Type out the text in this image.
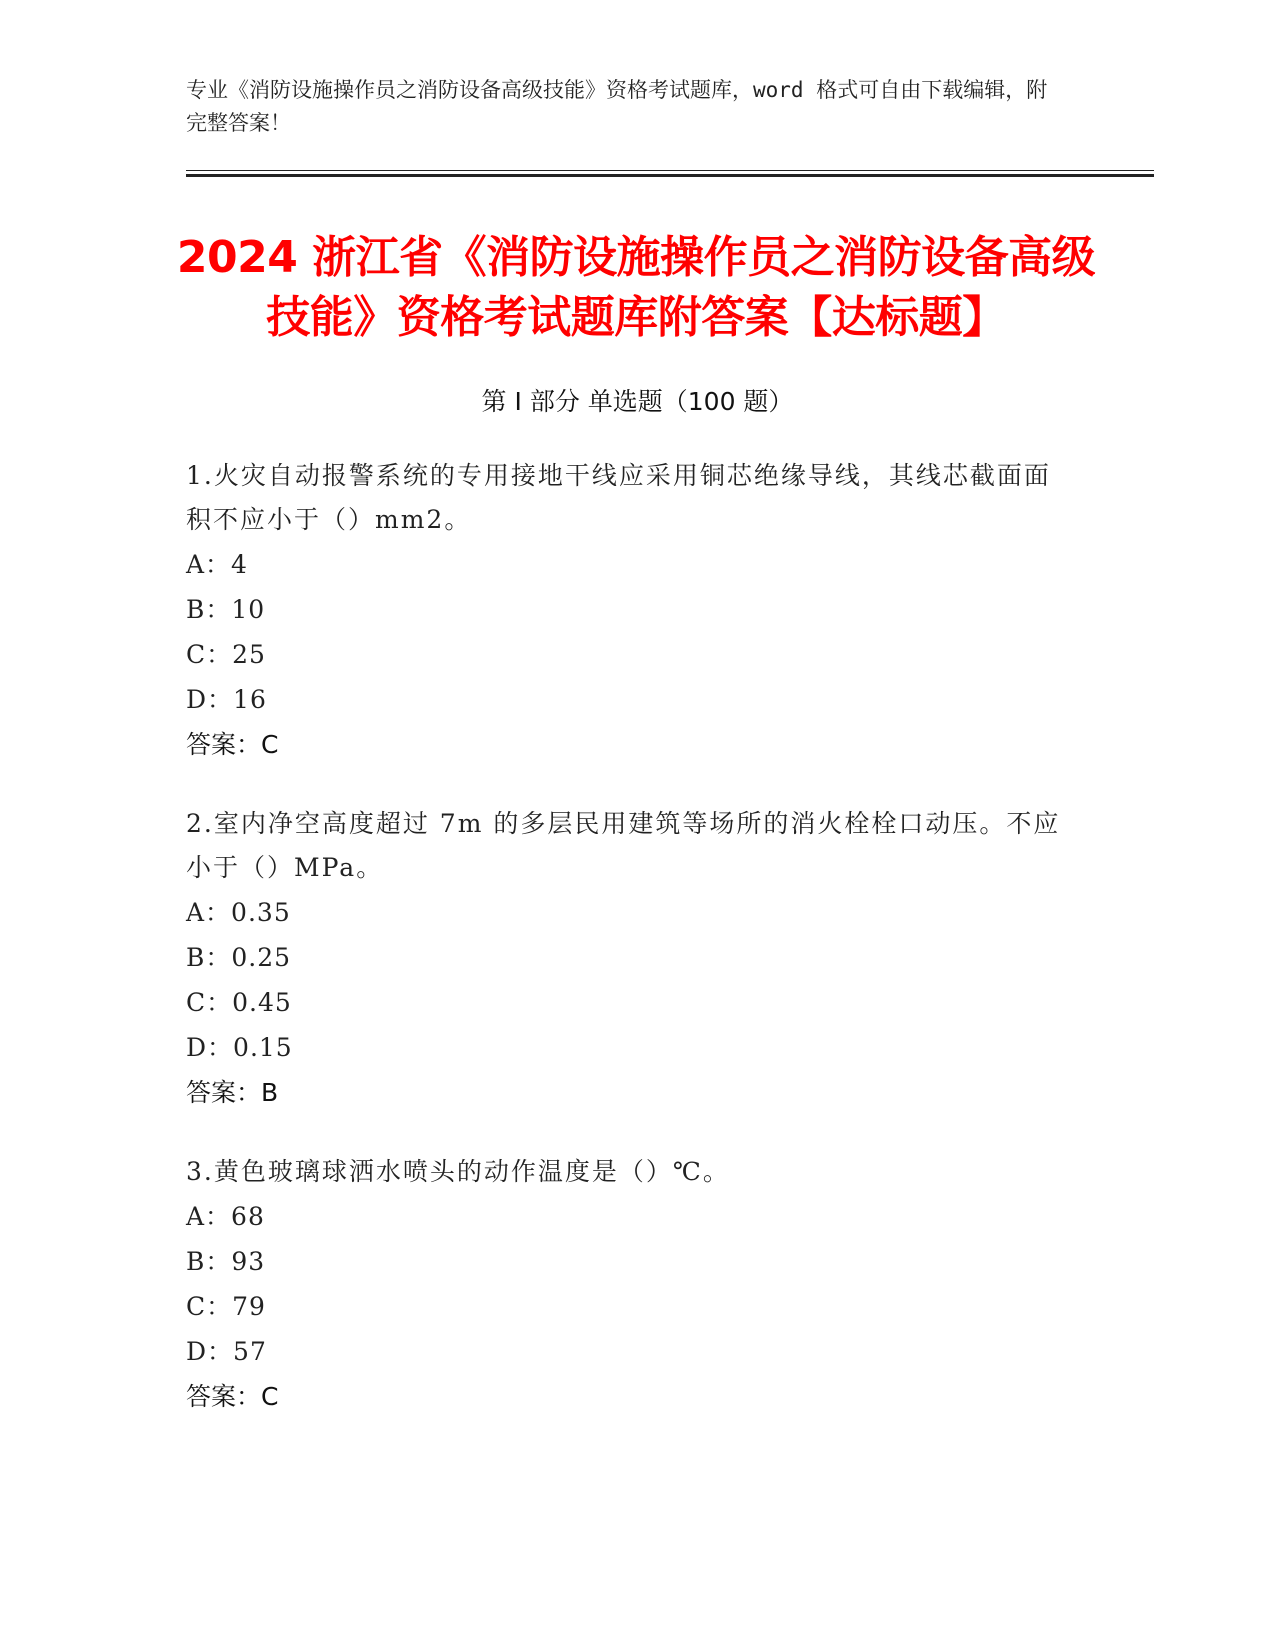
专业《消防设施操作员之消防设备高级技能》资格考试题库，word 格式可自由下载编辑，附完整答案！
2024 浙江省《消防设施操作员之消防设备高级技能》资格考试题库附答案【达标题】
第 I 部分 单选题（100 题）
1.火灾自动报警系统的专用接地干线应采用铜芯绝缘导线，其线芯截面面积不应小于（）mm2。
A：4
B：10
C：25
D：16
答案：C
2.室内净空高度超过 7m 的多层民用建筑等场所的消火栓栓口动压。不应小于（）MPa。
A：0.35
B：0.25
C：0.45
D：0.15
答案：B
3.黄色玻璃球洒水喷头的动作温度是（）℃。
A：68
B：93
C：79
D：57
答案：C
